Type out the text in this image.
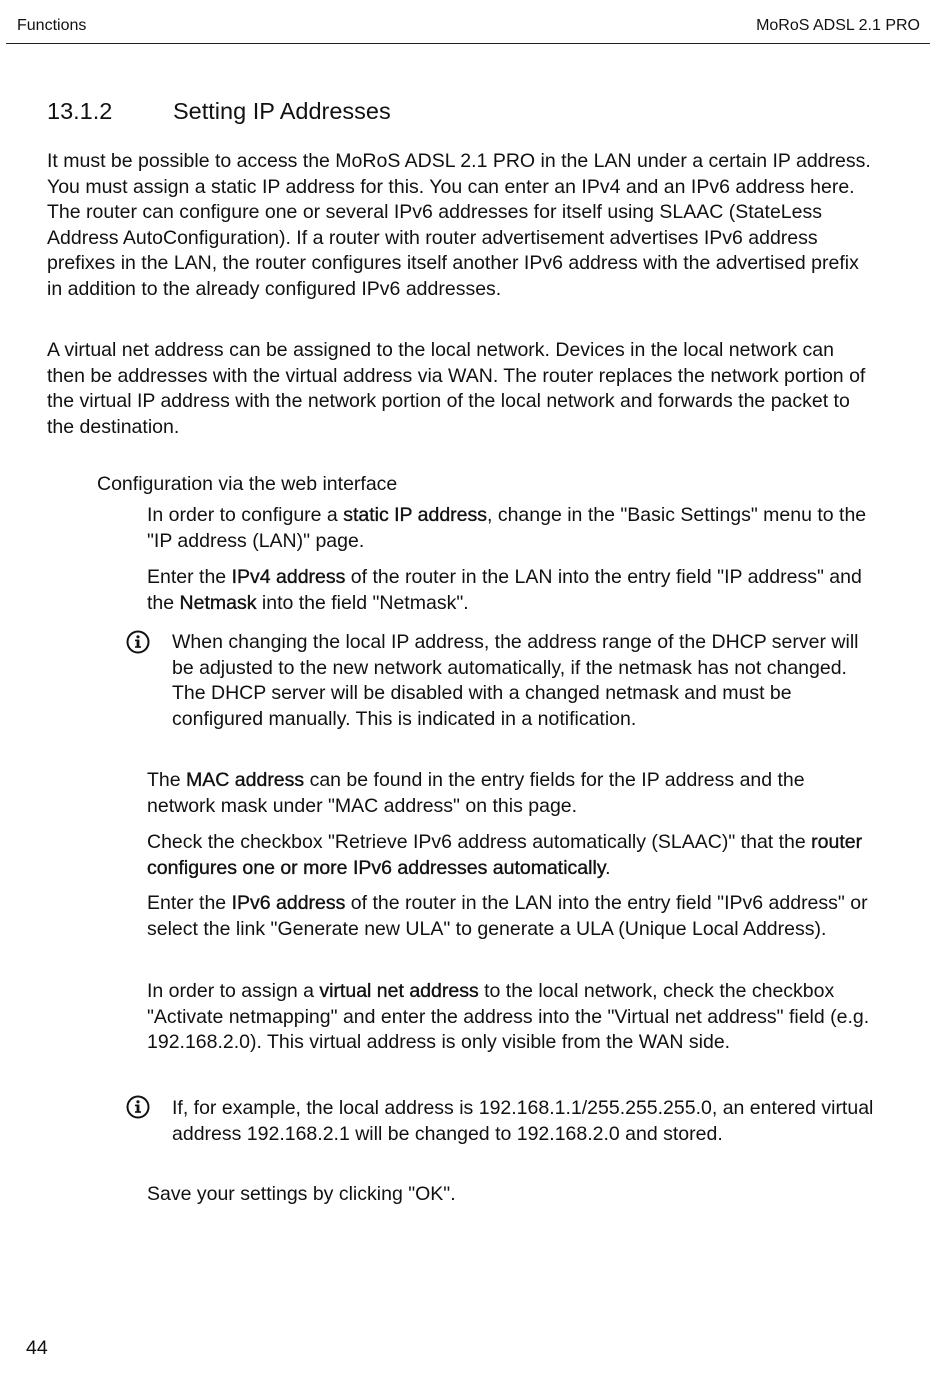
Functions	MoRoS ADSL 2.1 PRO
13.1.2	Setting IP Addresses

It must be possible to access the MoRoS ADSL 2.1 PRO in the LAN under a certain IP address. You must assign a static IP address for this. You can enter an IPv4 and an IPv6 address here. The router can configure one or several IPv6 addresses for itself using SLAAC (StateLess Address AutoConfiguration). If a router with router advertisement advertises IPv6 address prefixes in the LAN, the router configures itself another IPv6 address with the advertised prefix in addition to the already configured IPv6 addresses.

A virtual net address can be assigned to the local network. Devices in the local network can then be addresses with the virtual address via WAN. The router replaces the network portion of the virtual IP address with the network portion of the local network and forwards the packet to the destination.

Configuration via the web interface

In order to configure a static IP address, change in the "Basic Settings" menu to the "IP address (LAN)" page.

Enter the IPv4 address of the router in the LAN into the entry field "IP address" and the Netmask into the field "Netmask".

When changing the local IP address, the address range of the DHCP server will be adjusted to the new network automatically, if the netmask has not changed. The DHCP server will be disabled with a changed netmask and must be configured manually. This is indicated in a notification.

The MAC address can be found in the entry fields for the IP address and the network mask under "MAC address" on this page.

Check the checkbox "Retrieve IPv6 address automatically (SLAAC)" that the router configures one or more IPv6 addresses automatically.

Enter the IPv6 address of the router in the LAN into the entry field "IPv6 address" or select the link "Generate new ULA" to generate a ULA (Unique Local Address).

In order to assign a virtual net address to the local network, check the checkbox "Activate netmapping" and enter the address into the "Virtual net address" field (e.g. 192.168.2.0). This virtual address is only visible from the WAN side.

If, for example, the local address is 192.168.1.1/255.255.255.0, an entered virtual address 192.168.2.1 will be changed to 192.168.2.0 and stored.

Save your settings by clicking "OK".

44
